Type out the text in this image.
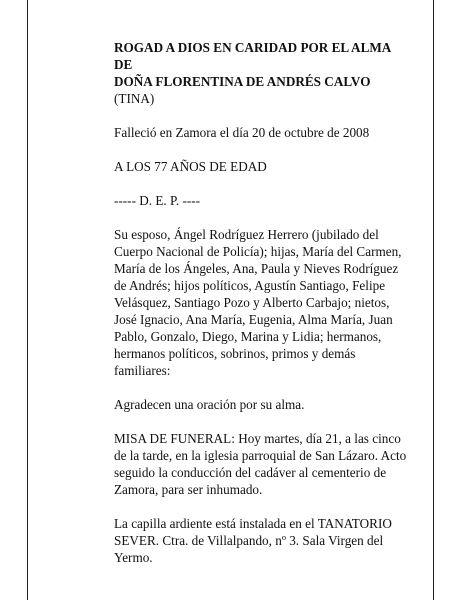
ROGAD A DIOS EN CARIDAD POR EL ALMA
DE
DOÑA FLORENTINA DE ANDRÉS CALVO
(TINA)
Falleció en Zamora el día 20 de octubre de 2008
A LOS 77 AÑOS DE EDAD
----- D. E. P. ----
Su esposo, Ángel Rodríguez Herrero (jubilado del
Cuerpo Nacional de Policía); hijas, María del Carmen,
María de los Ángeles, Ana, Paula y Nieves Rodríguez
de Andrés; hijos políticos, Agustín Santiago, Felipe
Velásquez, Santiago Pozo y Alberto Carbajo; nietos,
José Ignacio, Ana María, Eugenia, Alma María, Juan
Pablo, Gonzalo, Diego, Marina y Lidia; hermanos,
hermanos políticos, sobrinos, primos y demás
familiares:
Agradecen una oración por su alma.
MISA DE FUNERAL: Hoy martes, día 21, a las cinco
de la tarde, en la iglesia parroquial de San Lázaro. Acto
seguido la conducción del cadáver al cementerio de
Zamora, para ser inhumado.
La capilla ardiente está instalada en el TANATORIO
SEVER. Ctra. de Villalpando, nº 3. Sala Virgen del
Yermo.
